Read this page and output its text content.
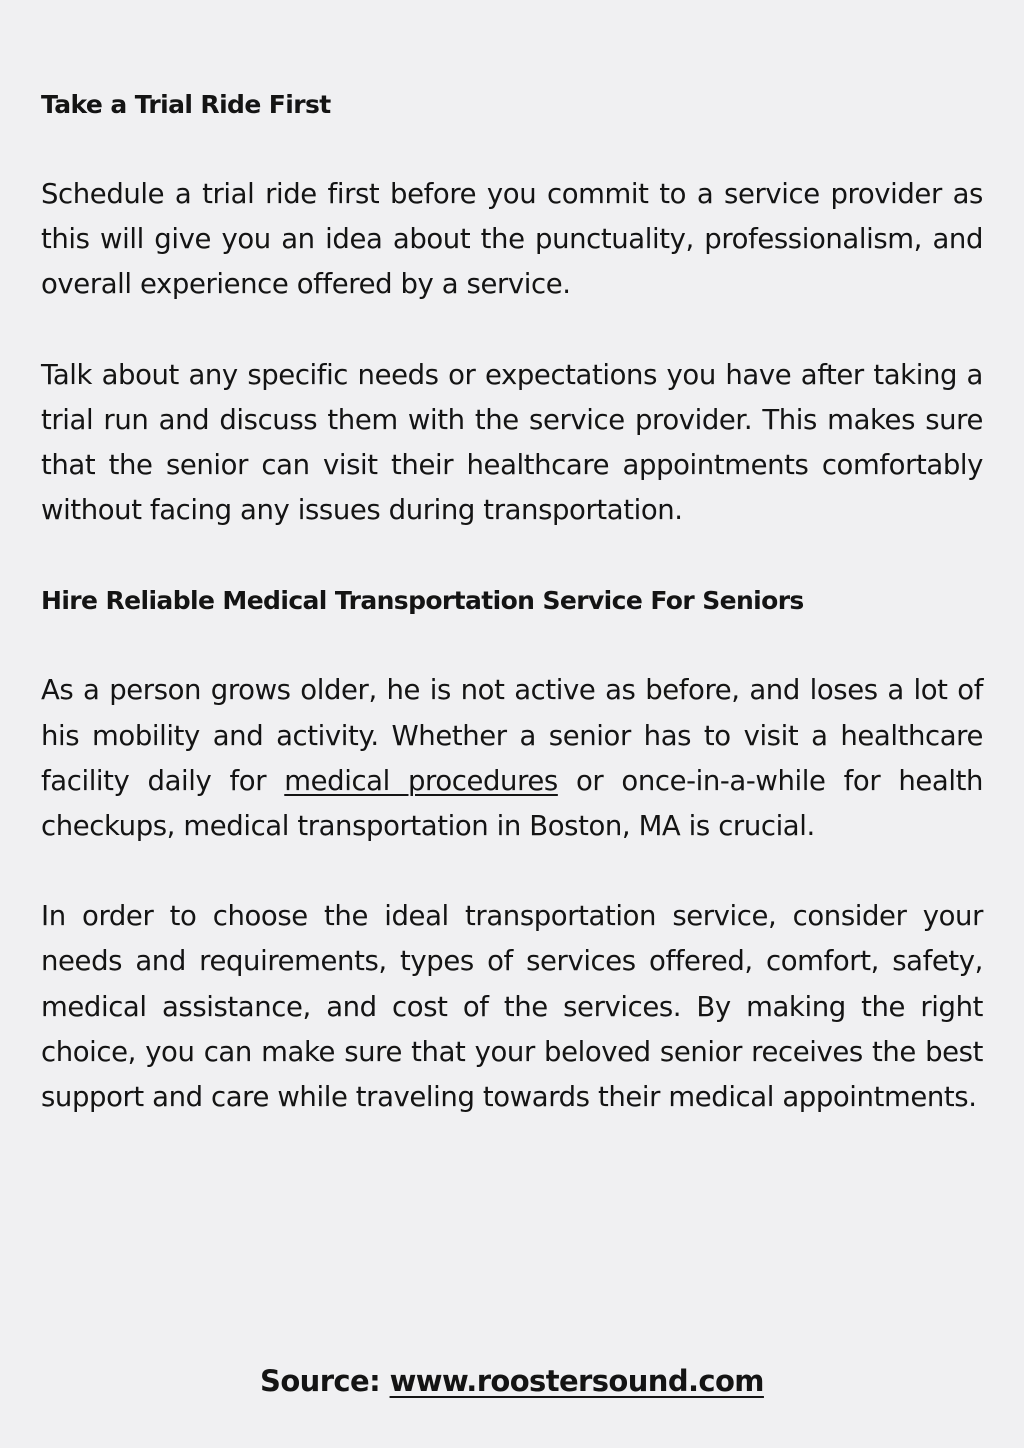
Take a Trial Ride First
Schedule a trial ride first before you commit to a service provider as this will give you an idea about the punctuality, professionalism, and overall experience offered by a service.
Talk about any specific needs or expectations you have after taking a trial run and discuss them with the service provider. This makes sure that the senior can visit their healthcare appointments comfortably without facing any issues during transportation.
Hire Reliable Medical Transportation Service For Seniors
As a person grows older, he is not active as before, and loses a lot of his mobility and activity. Whether a senior has to visit a healthcare facility daily for medical procedures or once-in-a-while for health checkups, medical transportation in Boston, MA is crucial.
In order to choose the ideal transportation service, consider your needs and requirements, types of services offered, comfort, safety, medical assistance, and cost of the services. By making the right choice, you can make sure that your beloved senior receives the best support and care while traveling towards their medical appointments.
Source: www.roostersound.com
